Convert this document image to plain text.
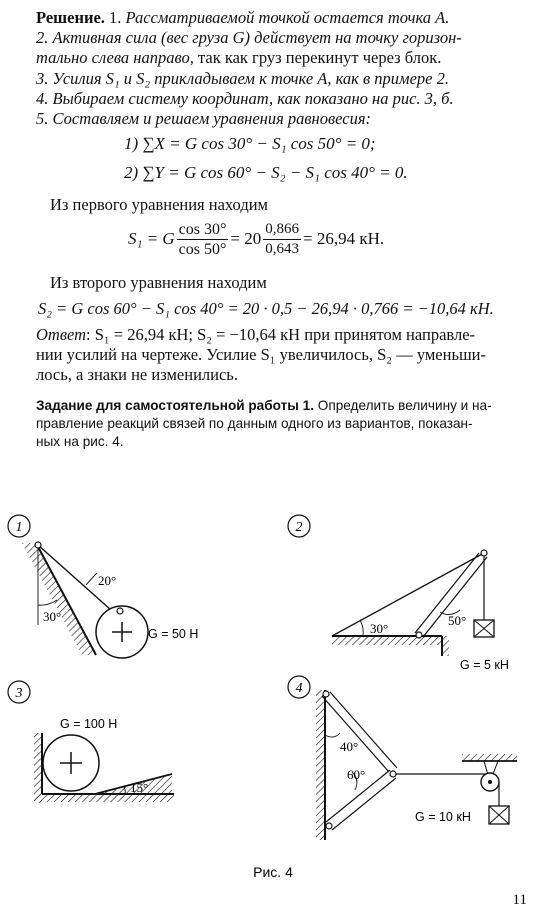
Решение. 1. Рассматриваемой точкой остается точка A.
2. Активная сила (вес груза G) действует на точку горизон-
тально слева направо, так как груз перекинут через блок.
3. Усилия S₁ и S₂ прикладываем к точке A, как в примере 2.
4. Выбираем систему координат, как показано на рис. 3, б.
5. Составляем и решаем уравнения равновесия:
1) ∑X = G cos 30° − S₁ cos 50° = 0;
2) ∑Y = G cos 60° − S₂ − S₁ cos 40° = 0.
Из первого уравнения находим
S₁ = G $\frac{\cos 30^\circ}{\cos 50^\circ} = 20 \frac{0,866}{0,643} = 26,94$ кН.
Из второго уравнения находим
S₂ = G cos 60° − S₁ cos 40° = 20 · 0,5 − 26,94 · 0,766 = −10,64 кН.
Ответ: S₁ = 26,94 кН; S₂ = −10,64 кН при принятом направле-
нии усилий на чертеже. Усилие S₁ увеличилось, S₂ — уменьши-
лось, а знаки не изменились.
Задание для самостоятельной работы 1. Определить величину и на-
правление реакций связей по данным одного из вариантов, показан-
ных на рис. 4.
1
20°
30°
G = 50 Н
2
30°
50°
G = 5 кН
3
G = 100 Н
15°
4
40°
60°
G = 10 кН
Рис. 4
11
